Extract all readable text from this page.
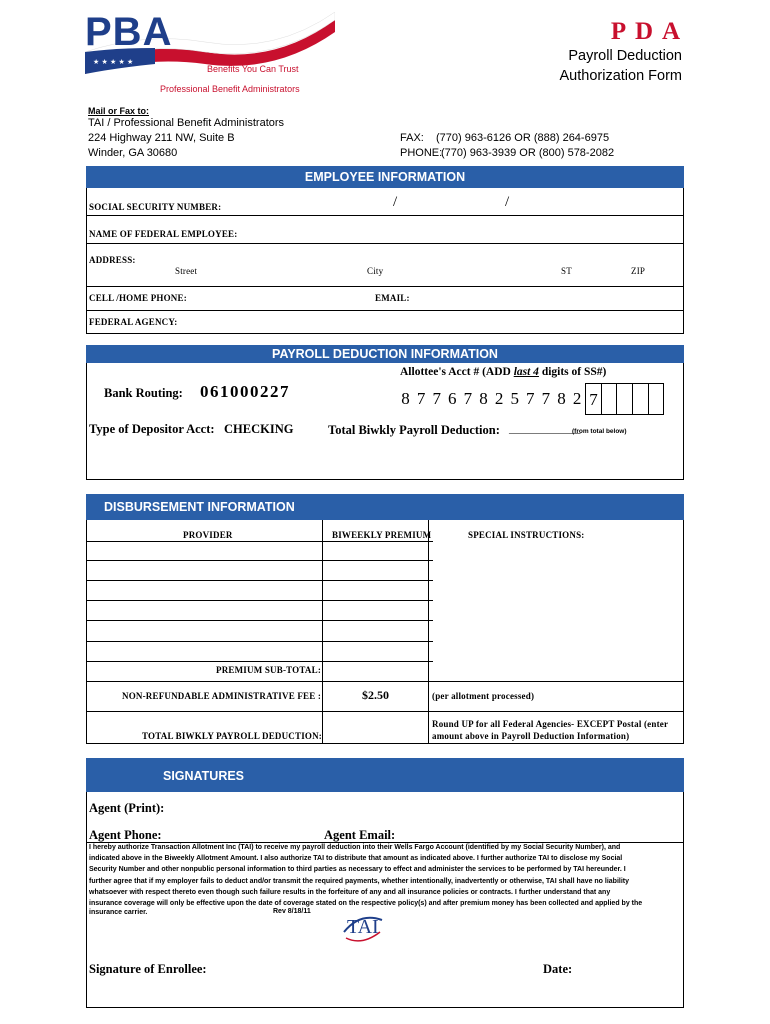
★ ★ ★ ★ ★
PBA
Benefits You Can Trust
Professional Benefit Administrators
P D A
Payroll Deduction
Authorization Form
Mail or Fax to:
TAI / Professional Benefit Administrators
224 Highway 211 NW, Suite B
Winder, GA 30680
FAX: (770) 963-6126 OR (888) 264-6975
PHONE:
(770) 963-3939 OR (800) 578-2082
EMPLOYEE INFORMATION
SOCIAL SECURITY NUMBER:	/	/
NAME OF FEDERAL EMPLOYEE:
ADDRESS:
Street	City	ST	ZIP
CELL /HOME PHONE:	EMAIL:
FEDERAL AGENCY:
PAYROLL DEDUCTION INFORMATION
Allottee's Acct # (ADD last 4 digits of SS#)
Bank Routing: 061000227	8 7 7 6 7 8 2 5 7 7 8 2 7
Type of Depositor Acct: CHECKING	Total Biwkly Payroll Deduction: _____________
(from total below)
DISBURSEMENT INFORMATION
PROVIDER	BIWEEKLY PREMIUM	SPECIAL INSTRUCTIONS:
PREMIUM SUB-TOTAL:
NON-REFUNDABLE ADMINISTRATIVE FEE :	$2.50	(per allotment processed)
TOTAL BIWKLY PAYROLL DEDUCTION:
Round UP for all Federal Agencies- EXCEPT Postal (enter
amount above in Payroll Deduction Information)
SIGNATURES
Agent (Print):
Agent Phone:	Agent Email:
I hereby authorize Transaction Allotment Inc (TAI) to receive my payroll deduction into their Wells Fargo Account (identified by my Social Security Number), and
indicated above in the Biweekly Allotment Amount. I also authorize TAI to distribute that amount as indicated above. I further authorize TAI to disclose my Social
Security Number and other nonpublic personal information to third parties as necessary to effect and administer the services to be performed by TAI hereunder. I
further agree that if my employer fails to deduct and/or transmit the required payments, whether intentionally, inadvertently or otherwise, TAI shall have no liability
whatsoever with respect thereto even though such failure results in the forfeiture of any and all insurance policies or contracts. I further understand that any
insurance coverage will only be effective upon the date of coverage stated on the respective policy(s) and after premium money has been collected and applied by the
insurance carrier.	Rev 8/18/11
TAI
Signature of Enrollee:	Date:
